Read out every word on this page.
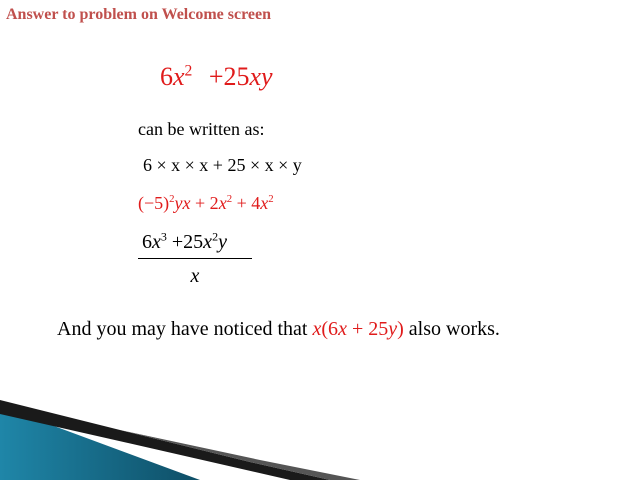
Answer to problem on Welcome screen
$6x^2 +25xy$
can be written as:
6 × x × x + 25 × x × y
$(-5)^2yx + 2x^2 + 4x^2$
$6x^3 +25x^2y$
x
And you may have noticed that x(6x + 25y) also works.
